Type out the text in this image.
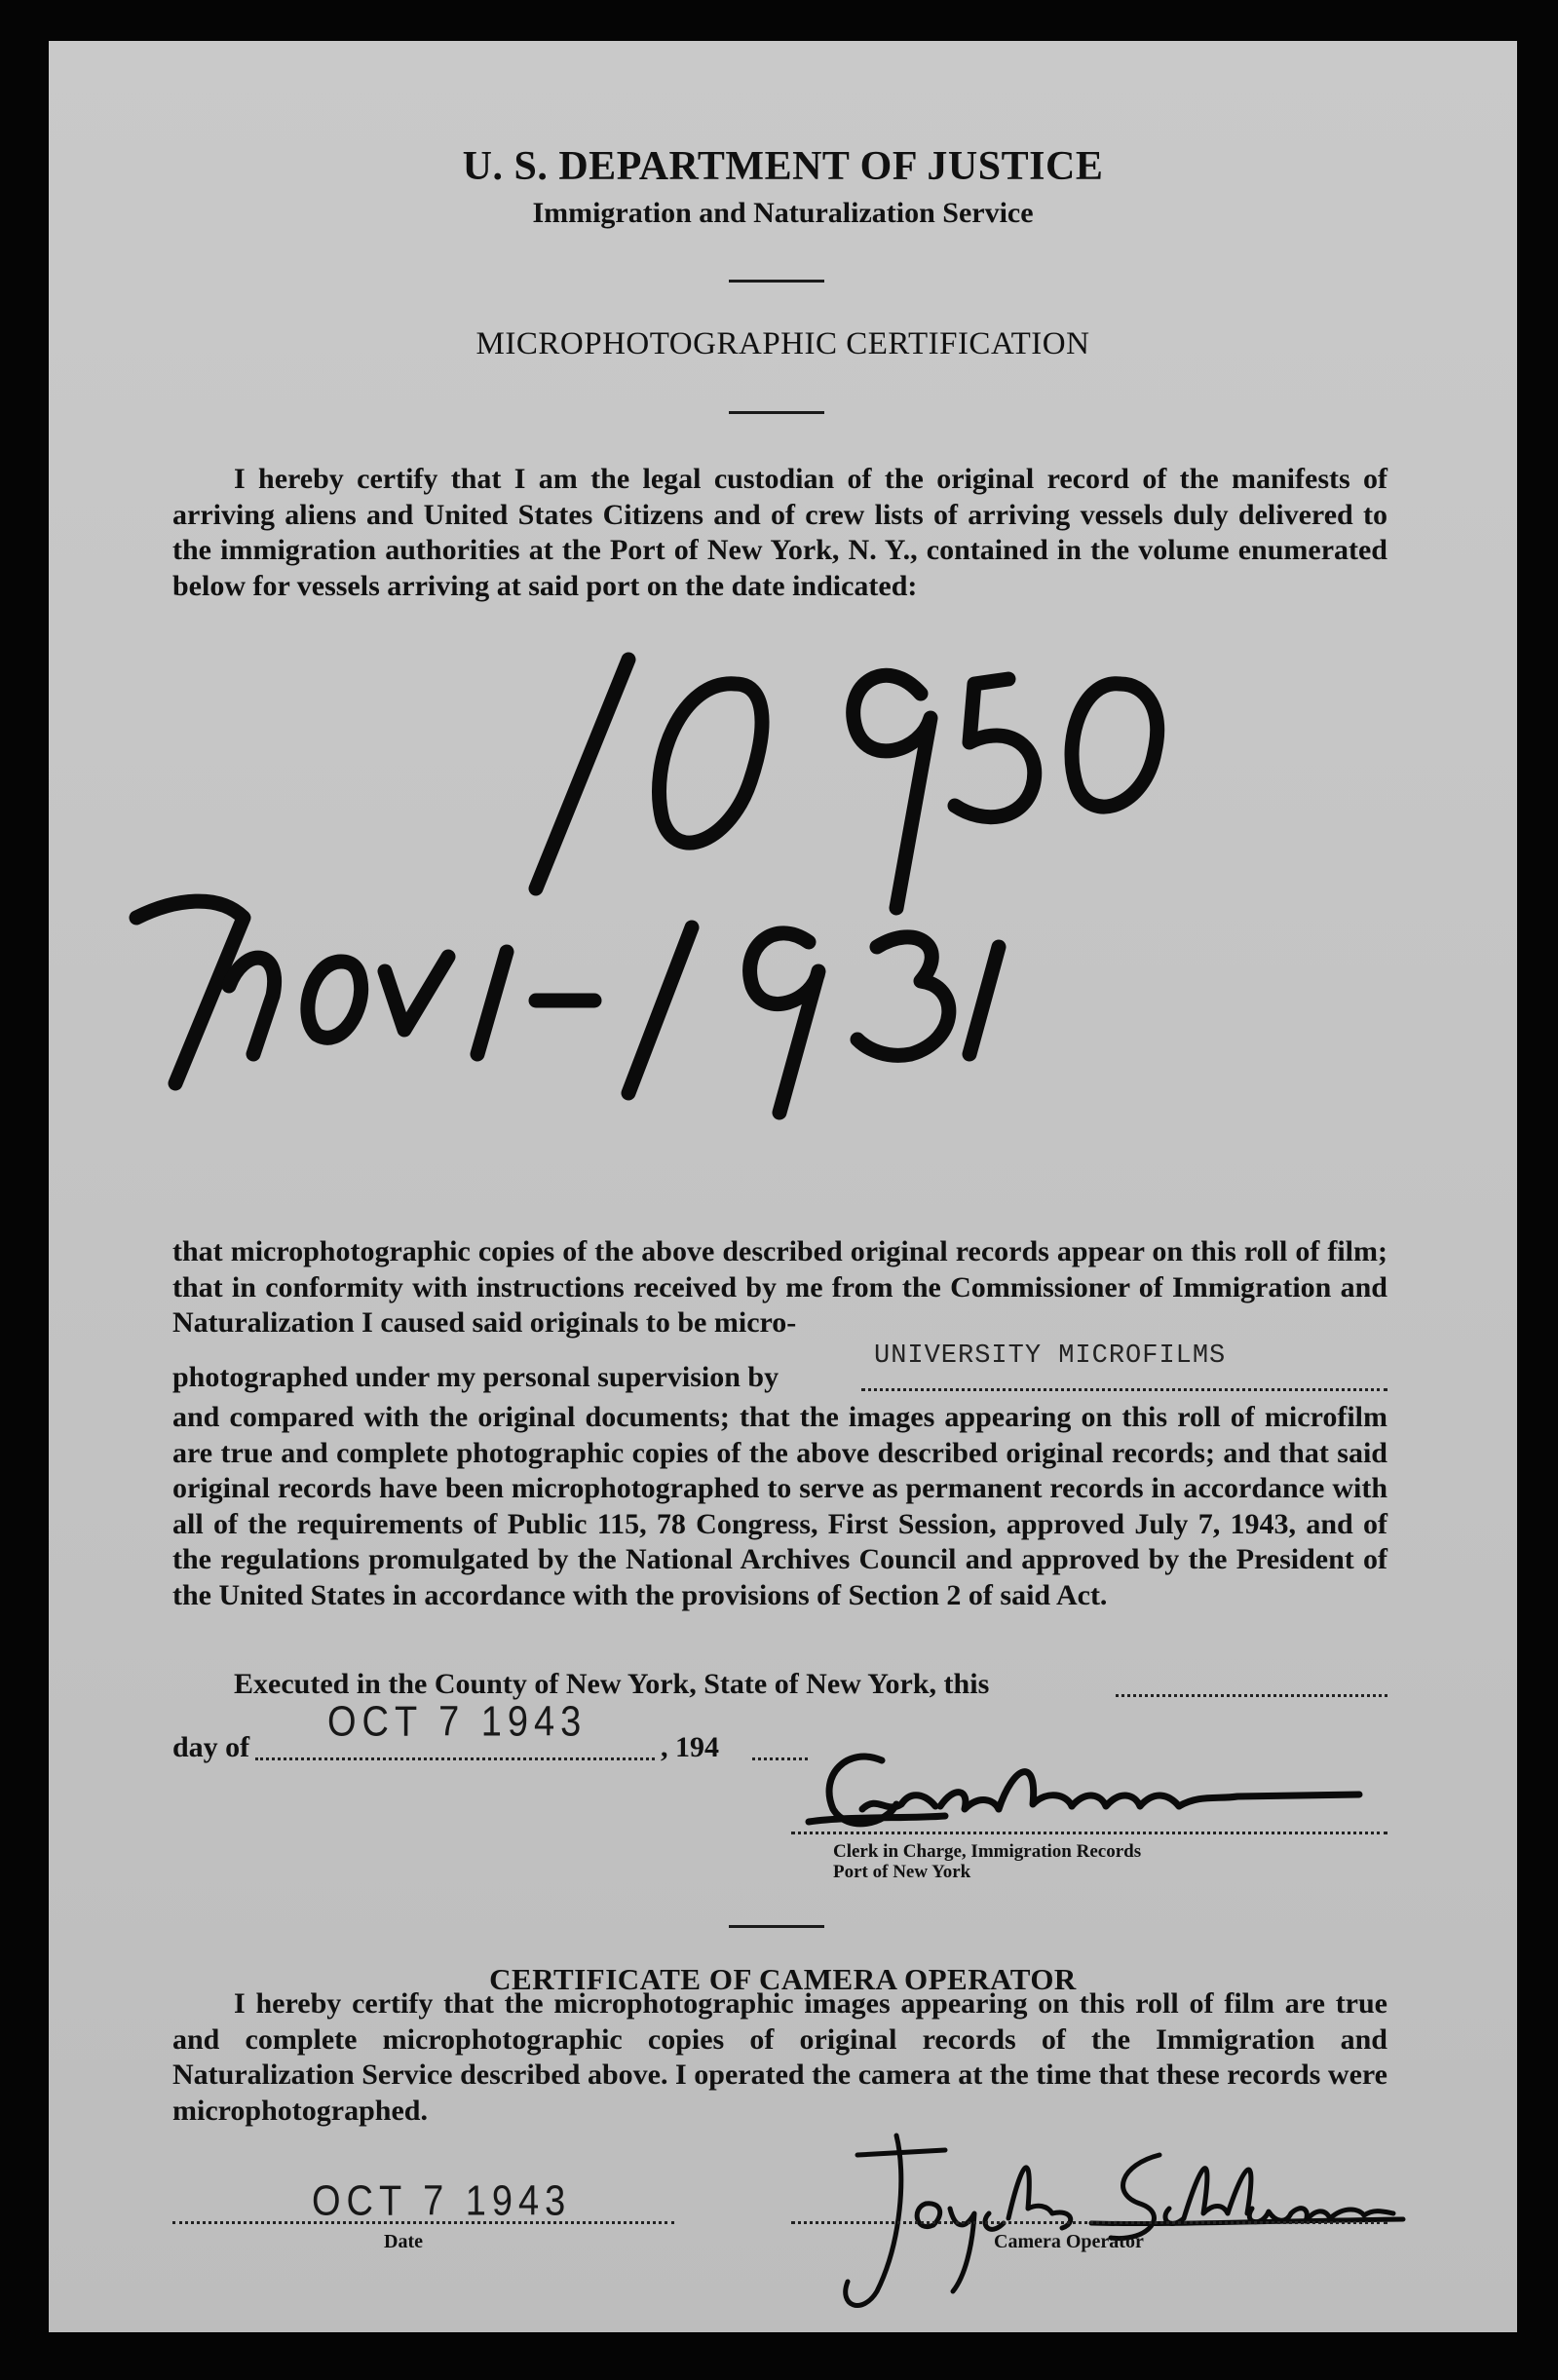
U. S. DEPARTMENT OF JUSTICE
Immigration and Naturalization Service
MICROPHOTOGRAPHIC CERTIFICATION
I hereby certify that I am the legal custodian of the original record of the manifests of arriving aliens and United States Citizens and of crew lists of arriving vessels duly delivered to the immigration authorities at the Port of New York, N. Y., contained in the volume enumerated below for vessels arriving at said port on the date indicated:
that microphotographic copies of the above described original records appear on this roll of film; that in conformity with instructions received by me from the Commissioner of Immigration and Naturalization I caused said originals to be micro-
photographed under my personal supervision by
UNIVERSITY MICROFILMS
and compared with the original documents; that the images appearing on this roll of microfilm are true and complete photographic copies of the above described original records; and that said original records have been microphotographed to serve as permanent records in accordance with all of the requirements of Public 115, 78 Congress, First Session, approved July 7, 1943, and of the regulations promulgated by the National Archives Council and approved by the President of the United States in accordance with the provisions of Section 2 of said Act.
Executed in the County of New York, State of New York, this
day of
OCT 7 1943
, 194
Clerk in Charge, Immigration Records
Port of New York
CERTIFICATE OF CAMERA OPERATOR
I hereby certify that the microphotographic images appearing on this roll of film are true and complete microphotographic copies of original records of the Immigration and Naturalization Service described above. I operated the camera at the time that these records were microphotographed.
OCT 7 1943
Date	Camera Operator
